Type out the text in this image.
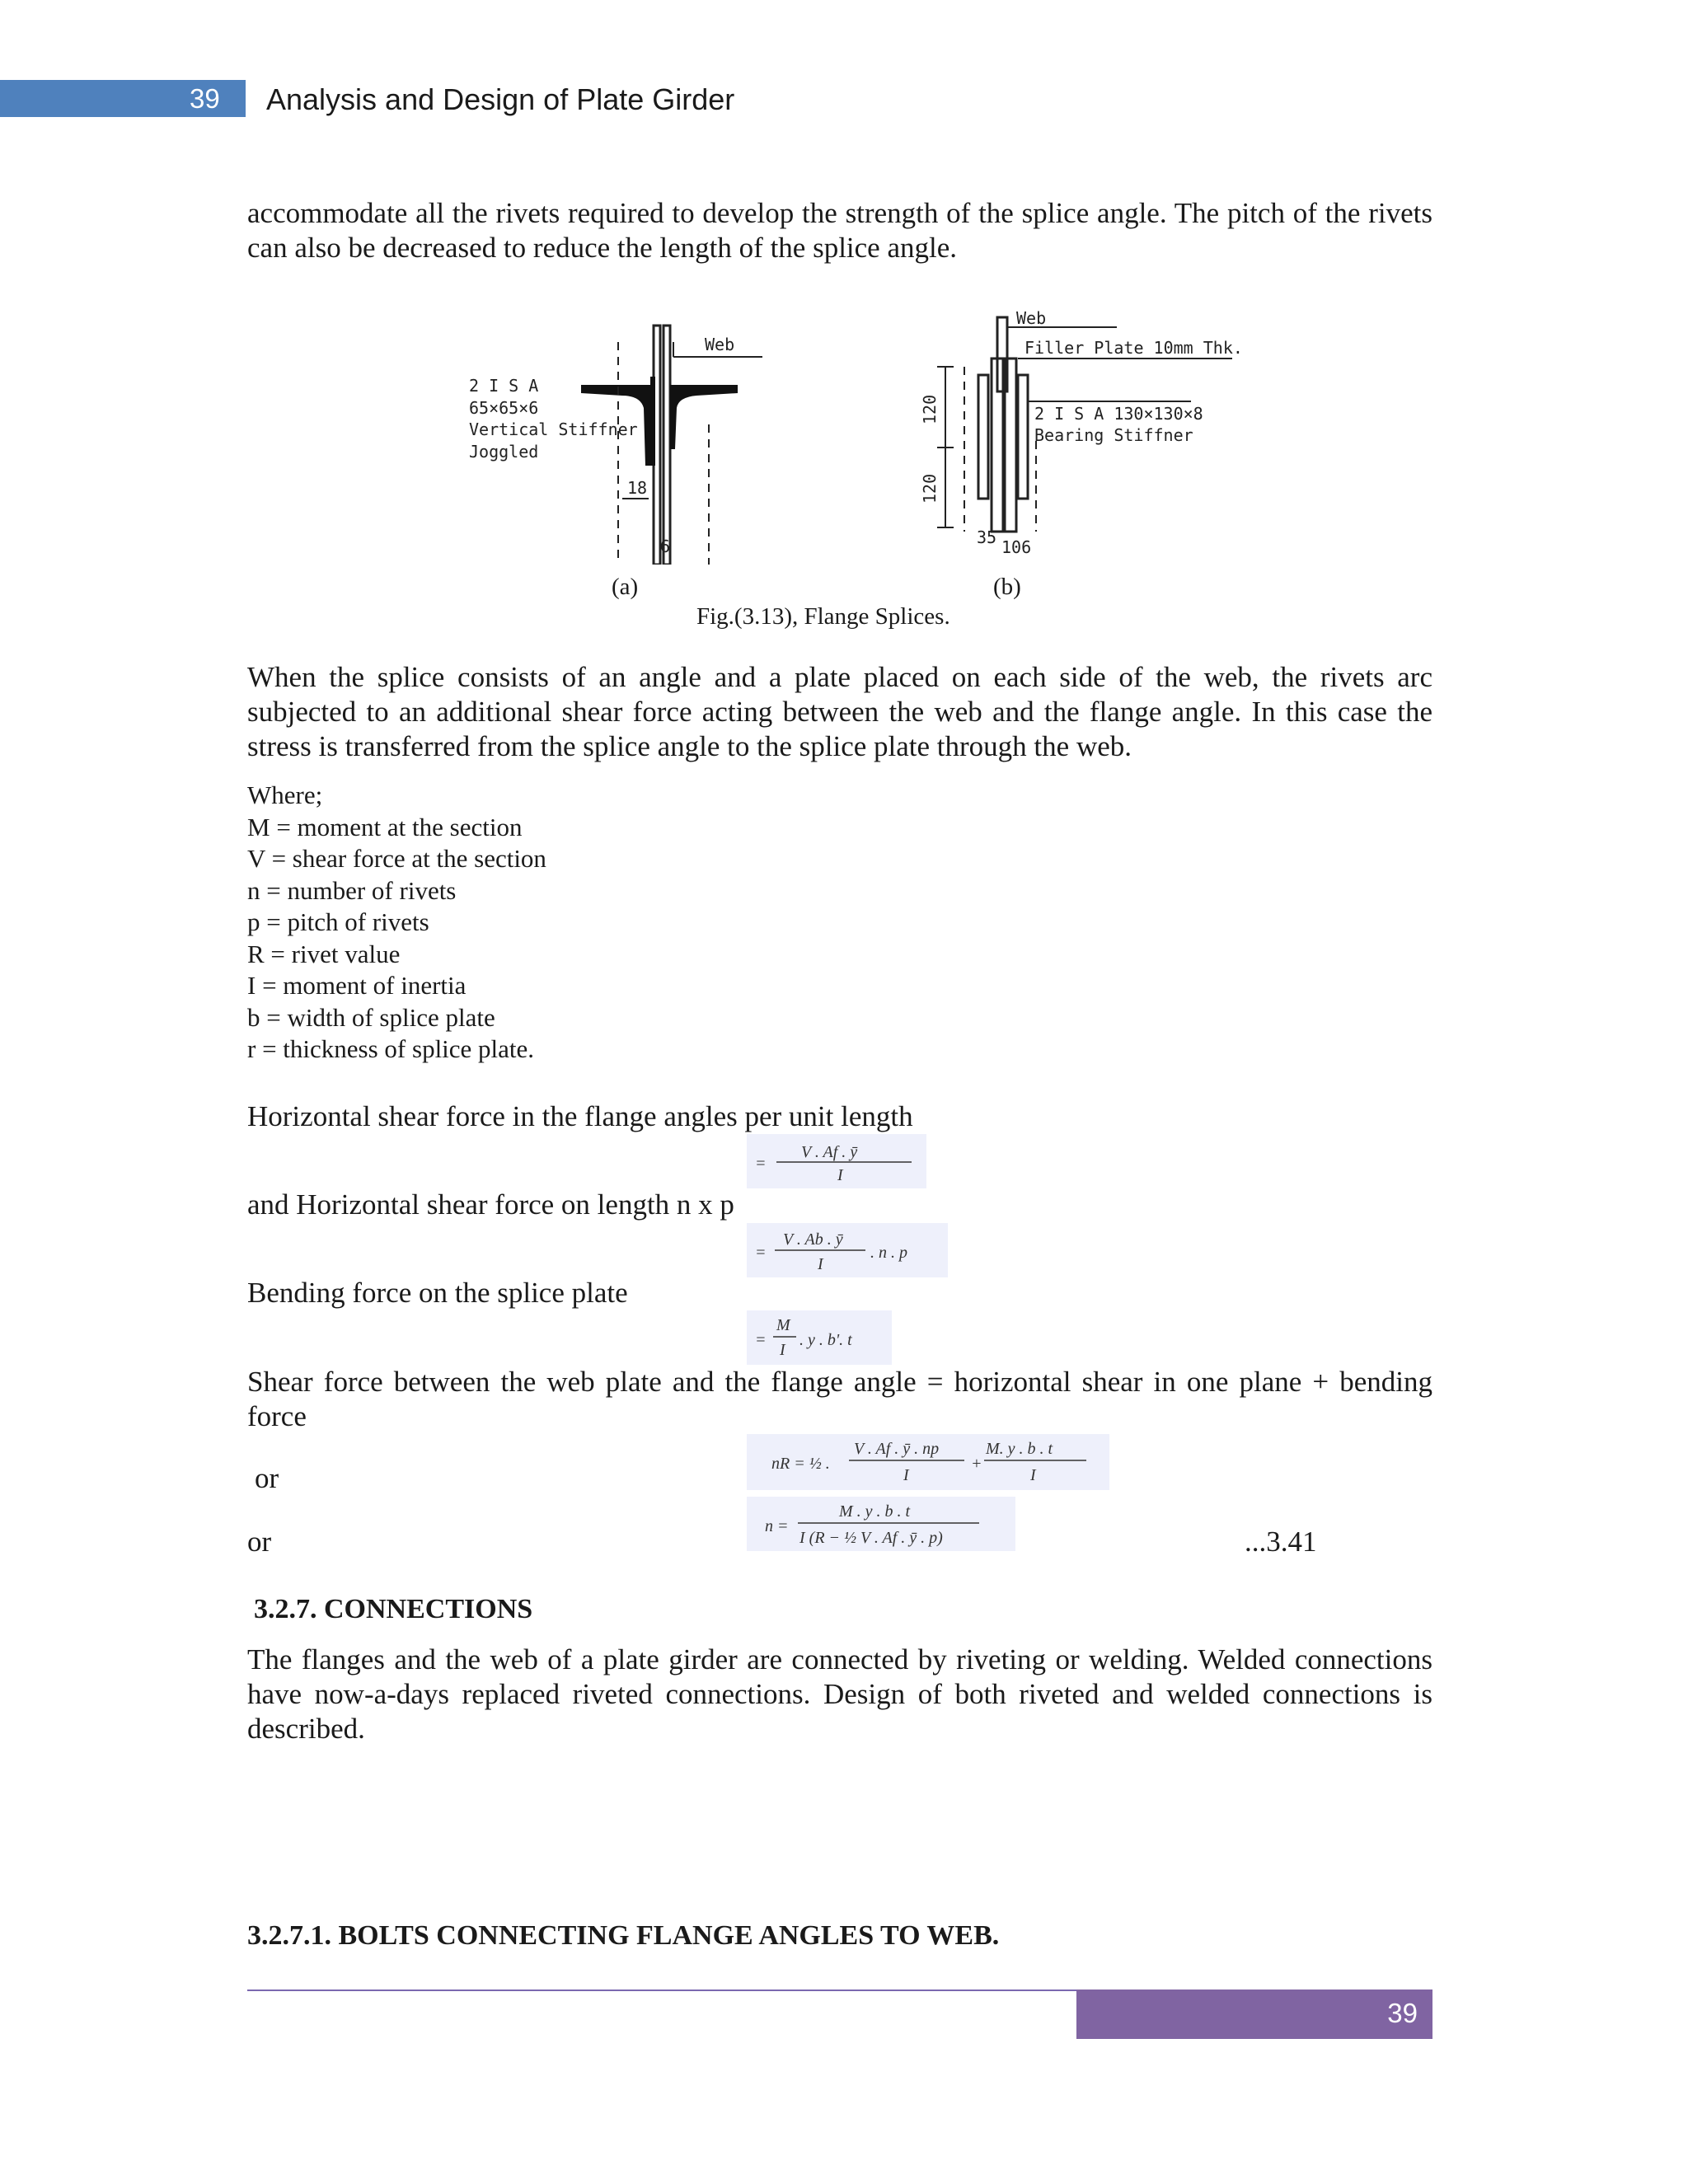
39	Analysis and Design of Plate Girder
accommodate all the rivets required to develop the strength of the splice angle. The pitch of the rivets can also be decreased to reduce the length of the splice angle.
Web
18
6
2 I S A
65×65×6
Vertical Stiffner
Joggled
Web
Filler Plate 10mm Thk.
2 I S A 130×130×8
Bearing Stiffner
120
120
35 106
(a)	(b)
Fig.(3.13), Flange Splices.
When the splice consists of an angle and a plate placed on each side of the web, the rivets arc subjected to an additional shear force acting between the web and the flange angle. In this case the stress is transferred from the splice angle to the splice plate through the web.
Where;
M = moment at the section
V = shear force at the section
n = number of rivets
p = pitch of rivets
R = rivet value
I = moment of inertia
b = width of splice plate
r = thickness of splice plate.
Horizontal shear force in the flange angles per unit length
and Horizontal shear force on length n x p
Bending force on the splice plate
Shear force between the web plate and the flange angle = horizontal shear in one plane + bending force
or
or	...3.41
=
V . Af . ȳ
I
=
V . Ab . ȳ
I
. n . p
=
M
I
. y . b'. t
nR = ½ .
V . Af . ȳ . np
I
+
M. y . b . t
I
n =
M . y . b . t
I (R − ½ V . Af . ȳ . p)
3.2.7. CONNECTIONS
The flanges and the web of a plate girder are connected by riveting or welding. Welded connections have now-a-days replaced riveted connections. Design of both riveted and welded connections is described.
3.2.7.1. BOLTS CONNECTING FLANGE ANGLES TO WEB.
39
